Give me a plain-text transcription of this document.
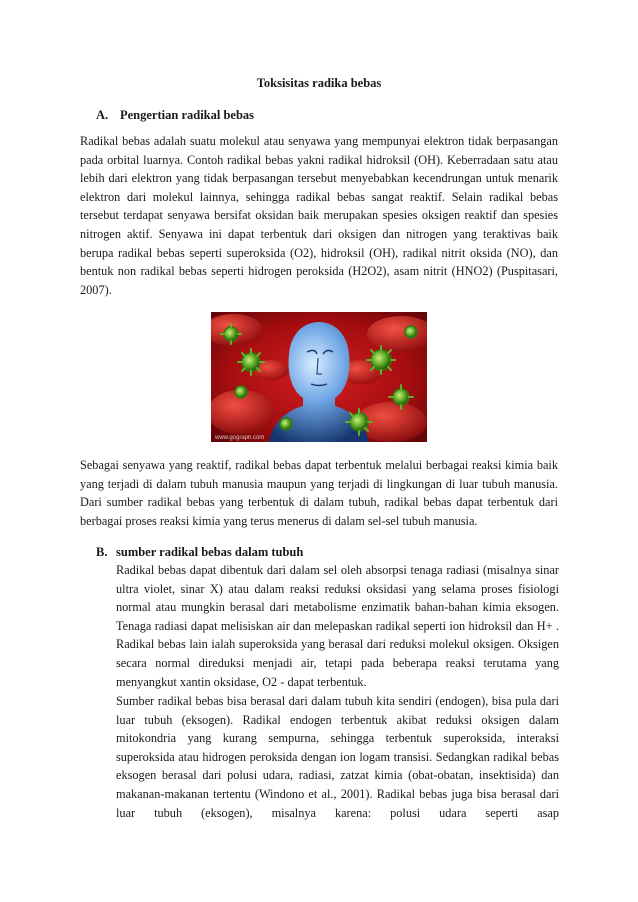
Toksisitas radika bebas
A. Pengertian radikal bebas
Radikal bebas adalah suatu molekul atau senyawa yang mempunyai elektron tidak berpasangan pada orbital luarnya. Contoh radikal bebas yakni radikal hidroksil (OH). Keberradaan satu atau lebih dari elektron yang tidak berpasangan tersebut menyebabkan kecendrungan untuk menarik elektron dari molekul lainnya, sehingga radikal bebas sangat reaktif. Selain radikal bebas tersebut terdapat senyawa bersifat oksidan baik merupakan spesies oksigen reaktif dan spesies nitrogen aktif. Senyawa ini dapat terbentuk dari oksigen dan nitrogen yang teraktivas baik berupa radikal bebas seperti superoksida (O2), hidroksil (OH), radikal nitrit oksida (NO), dan bentuk non radikal bebas seperti hidrogen peroksida (H2O2), asam nitrit (HNO2) (Puspitasari, 2007).
www.gograph.com
Sebagai senyawa yang reaktif, radikal bebas dapat terbentuk melalui berbagai reaksi kimia baik yang terjadi di dalam tubuh manusia maupun yang terjadi di lingkungan di luar tubuh manusia. Dari sumber radikal bebas yang terbentuk di dalam tubuh, radikal bebas dapat terbentuk dari berbagai proses reaksi kimia yang terus menerus di dalam sel-sel tubuh manusia.
B. sumber radikal bebas dalam tubuh
Radikal bebas dapat dibentuk dari dalam sel oleh absorpsi tenaga radiasi (misalnya sinar ultra violet, sinar X) atau dalam reaksi reduksi oksidasi yang selama proses fisiologi normal atau mungkin berasal dari metabolisme enzimatik bahan-bahan kimia eksogen. Tenaga radiasi dapat melisiskan air dan melepaskan radikal seperti ion hidroksil dan H+ . Radikal bebas lain ialah superoksida yang berasal dari reduksi molekul oksigen. Oksigen secara normal direduksi menjadi air, tetapi pada beberapa reaksi terutama yang menyangkut xantin oksidase, O2 - dapat terbentuk.
Sumber radikal bebas bisa berasal dari dalam tubuh kita sendiri (endogen), bisa pula dari luar tubuh (eksogen). Radikal endogen terbentuk akibat reduksi oksigen dalam mitokondria yang kurang sempurna, sehingga terbentuk superoksida, interaksi superoksida atau hidrogen peroksida dengan ion logam transisi. Sedangkan radikal bebas eksogen berasal dari polusi udara, radiasi, zatzat kimia (obat-obatan, insektisida) dan makanan-makanan tertentu (Windono et al., 2001). Radikal bebas juga bisa berasal dari luar tubuh (eksogen), misalnya karena: polusi udara seperti asap
